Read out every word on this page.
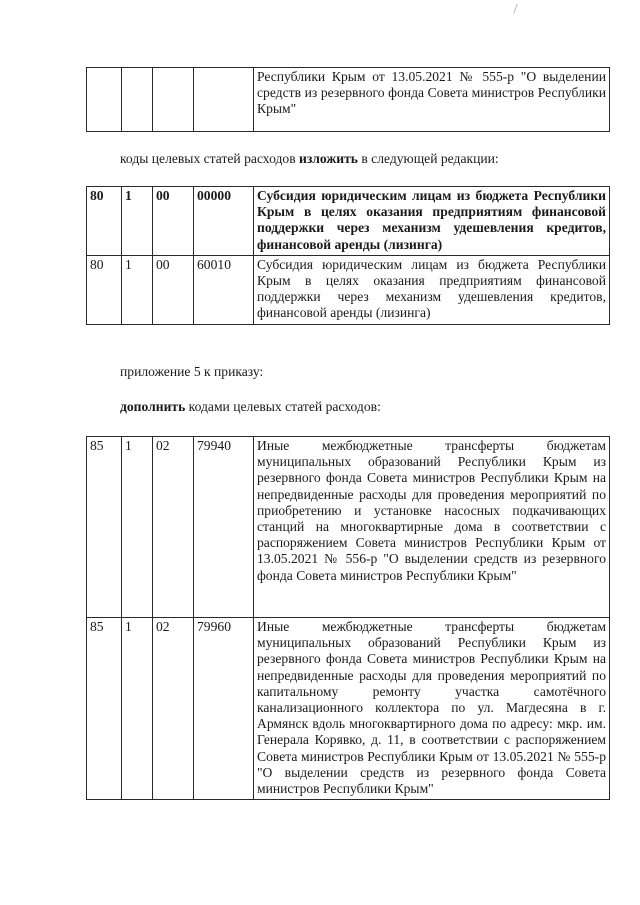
				Республики Крым от 13.05.2021 № 555-р "О выделении средств из резервного фонда Совета министров Республики Крым"
коды целевых статей расходов изложить в следующей редакции:
80	1	00	00000	Субсидия юридическим лицам из бюджета Республики Крым в целях оказания предприятиям финансовой поддержки через механизм удешевления кредитов, финансовой аренды (лизинга)
80	1	00	60010	Субсидия юридическим лицам из бюджета Республики Крым в целях оказания предприятиям финансовой поддержки через механизм удешевления кредитов, финансовой аренды (лизинга)
приложение 5 к приказу:
дополнить кодами целевых статей расходов:
85	1	02	79940	Иные межбюджетные трансферты бюджетам муниципальных образований Республики Крым из резервного фонда Совета министров Республики Крым на непредвиденные расходы для проведения мероприятий по приобретению и установке насосных подкачивающих станций на многоквартирные дома в соответствии с распоряжением Совета министров Республики Крым от 13.05.2021 № 556-р "О выделении средств из резервного фонда Совета министров Республики Крым"
85	1	02	79960	Иные межбюджетные трансферты бюджетам муниципальных образований Республики Крым из резервного фонда Совета министров Республики Крым на непредвиденные расходы для проведения мероприятий по капитальному ремонту участка самотёчного канализационного коллектора по ул. Магдесяна в г. Армянск вдоль многоквартирного дома по адресу: мкр. им. Генерала Корявко, д. 11, в соответствии с распоряжением Совета министров Республики Крым от 13.05.2021 № 555-р "О выделении средств из резервного фонда Совета министров Республики Крым"
